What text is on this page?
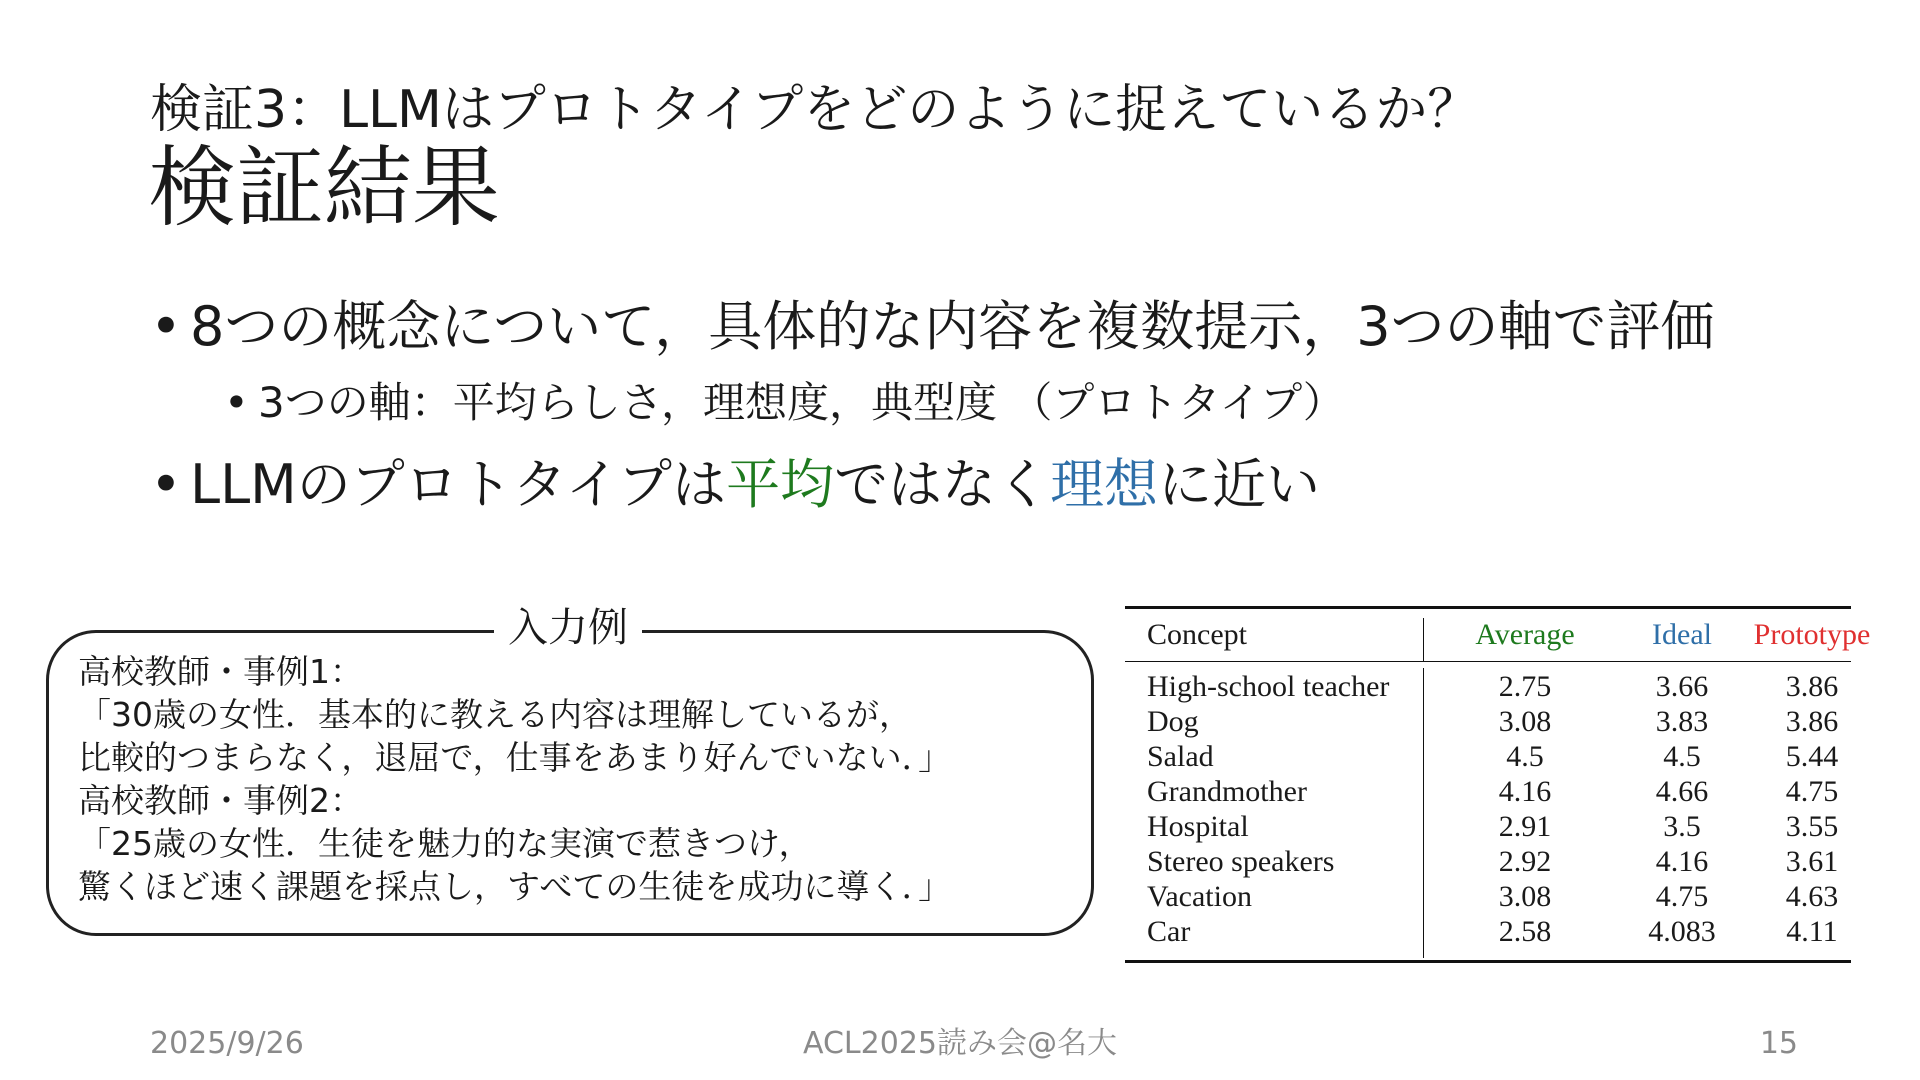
検証3：LLMはプロトタイプをどのように捉えているか？
検証結果
• 8つの概念について，具体的な内容を複数提示，3つの軸で評価
• 3つの軸：平均らしさ，理想度，典型度 （プロトタイプ）
• LLMのプロトタイプは平均ではなく理想に近い
入力例
高校教師・事例1：
「30歳の女性．基本的に教える内容は理解しているが，
比較的つまらなく，退屈で，仕事をあまり好んでいない．」
高校教師・事例2：
「25歳の女性．生徒を魅力的な実演で惹きつけ，
驚くほど速く課題を採点し，すべての生徒を成功に導く．」
Concept	Average	Ideal	Prototype
High-school teacher	2.75	3.66	3.86
Dog	3.08	3.83	3.86
Salad	4.5	4.5	5.44
Grandmother	4.16	4.66	4.75
Hospital	2.91	3.5	3.55
Stereo speakers	2.92	4.16	3.61
Vacation	3.08	4.75	4.63
Car	2.58	4.083	4.11
2025/9/26	ACL2025読み会@名大	15
